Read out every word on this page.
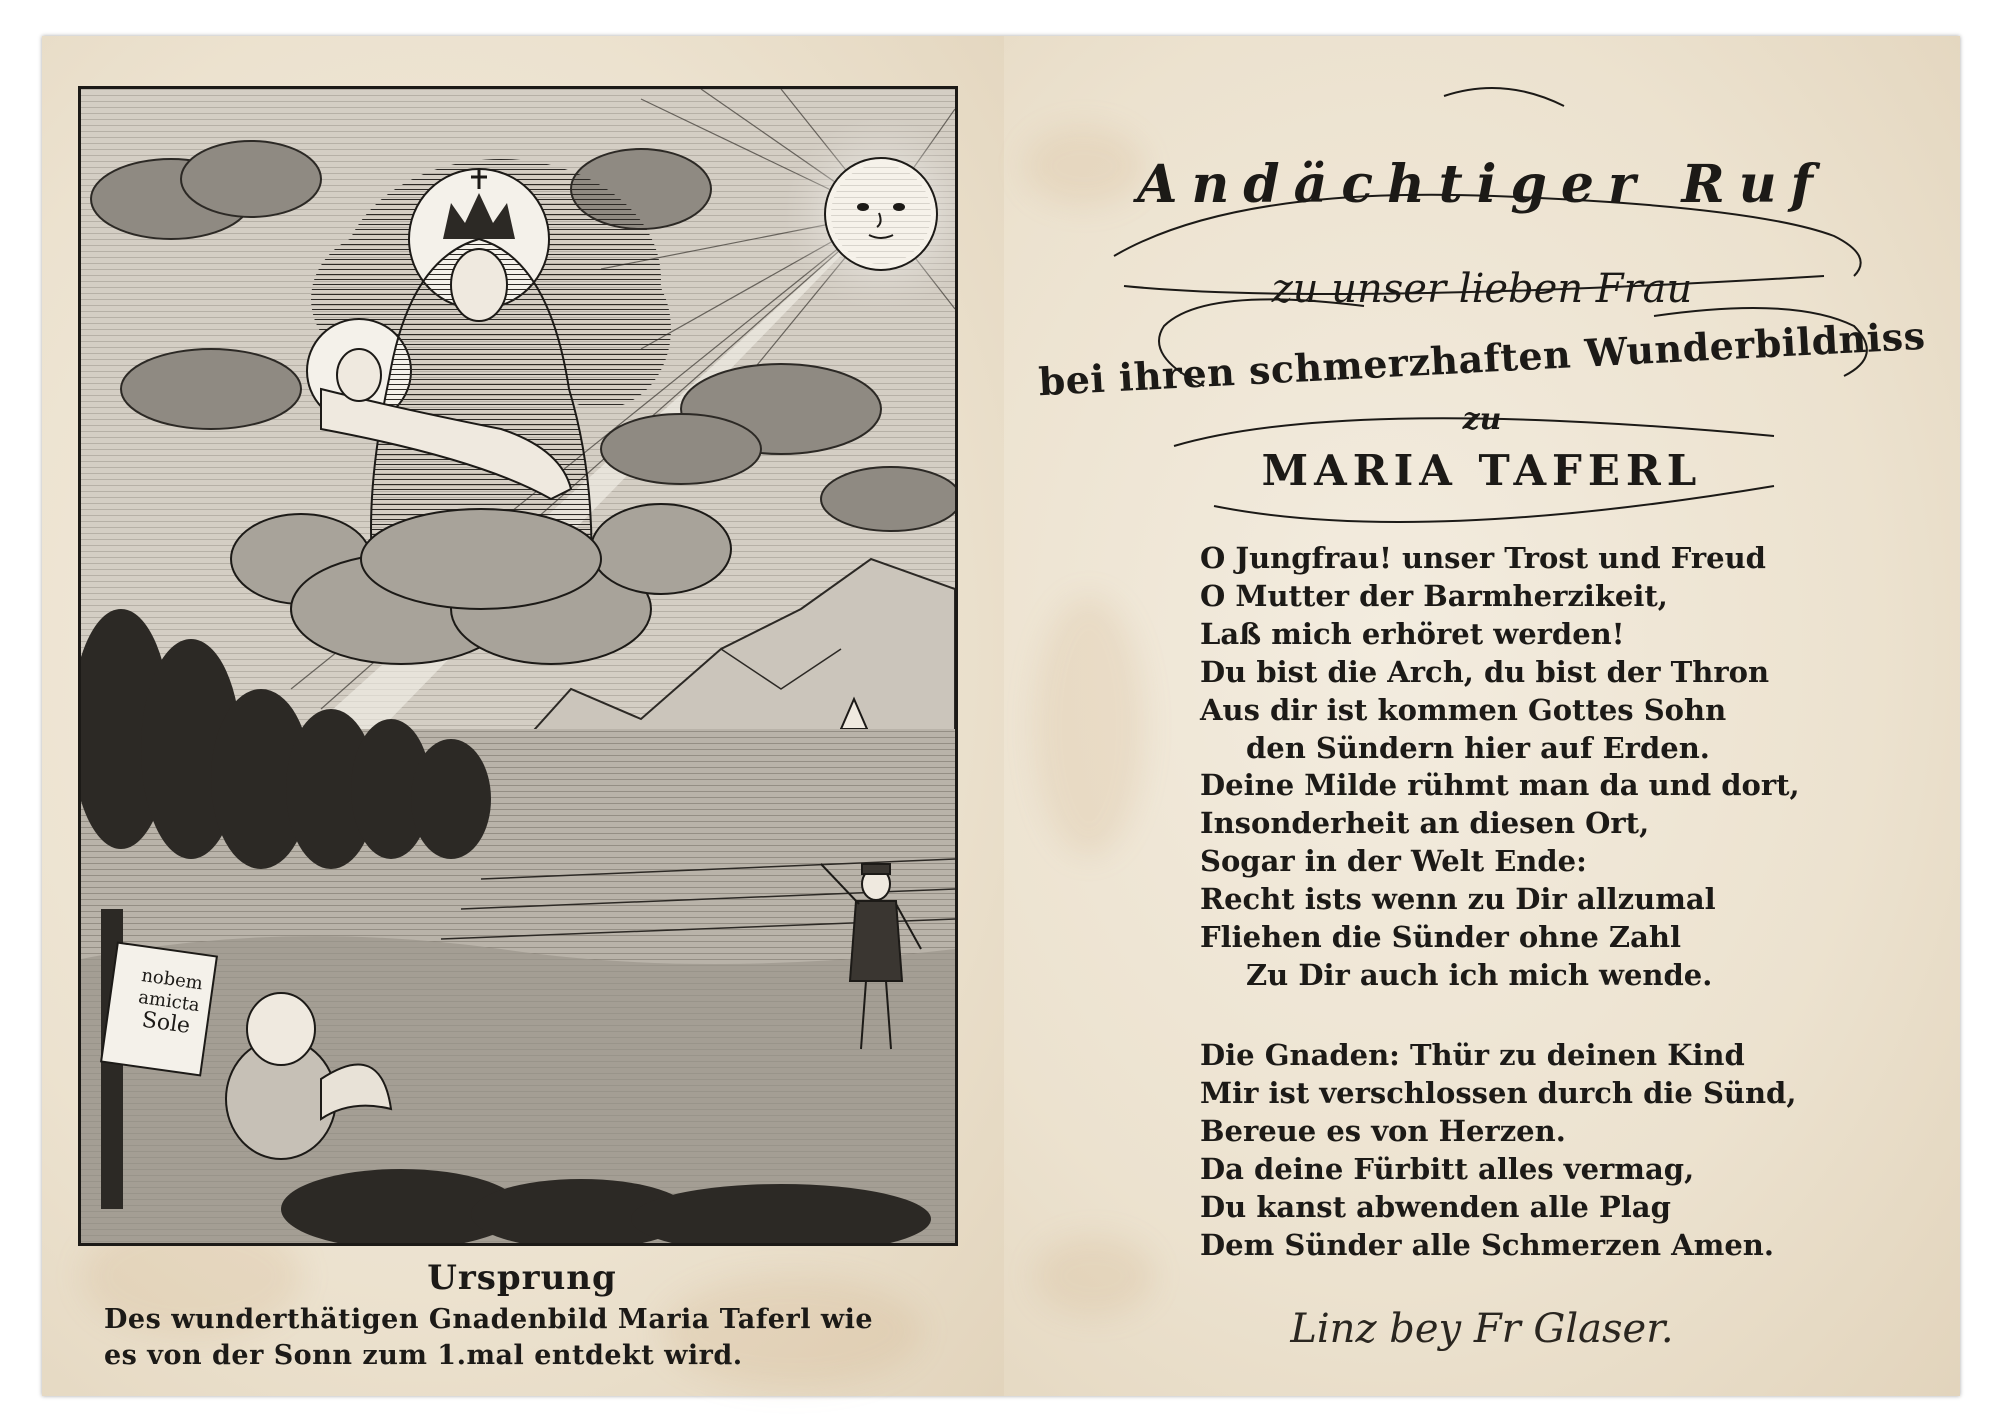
nobem
amicta
Sole
Ursprung
Des wunderthätigen Gnadenbild Maria Taferl wie
es von der Sonn zum 1.mal entdekt wird.
Andächtiger Ruf
zu unser lieben Frau
bei ihren schmerzhaften Wunderbildniss
zu
MARIA TAFERL
O Jungfrau! unser Trost und Freud
O Mutter der Barmherzikeit,
Laß mich erhöret werden!
Du bist die Arch, du bist der Thron
Aus dir ist kommen Gottes Sohn
den Sündern hier auf Erden.
Deine Milde rühmt man da und dort,
Insonderheit an diesen Ort,
Sogar in der Welt Ende:
Recht ists wenn zu Dir allzumal
Fliehen die Sünder ohne Zahl
Zu Dir auch ich mich wende.
Die Gnaden: Thür zu deinen Kind
Mir ist verschlossen durch die Sünd,
Bereue es von Herzen.
Da deine Fürbitt alles vermag,
Du kanst abwenden alle Plag
Dem Sünder alle Schmerzen Amen.
Linz bey Fr Glaser.
